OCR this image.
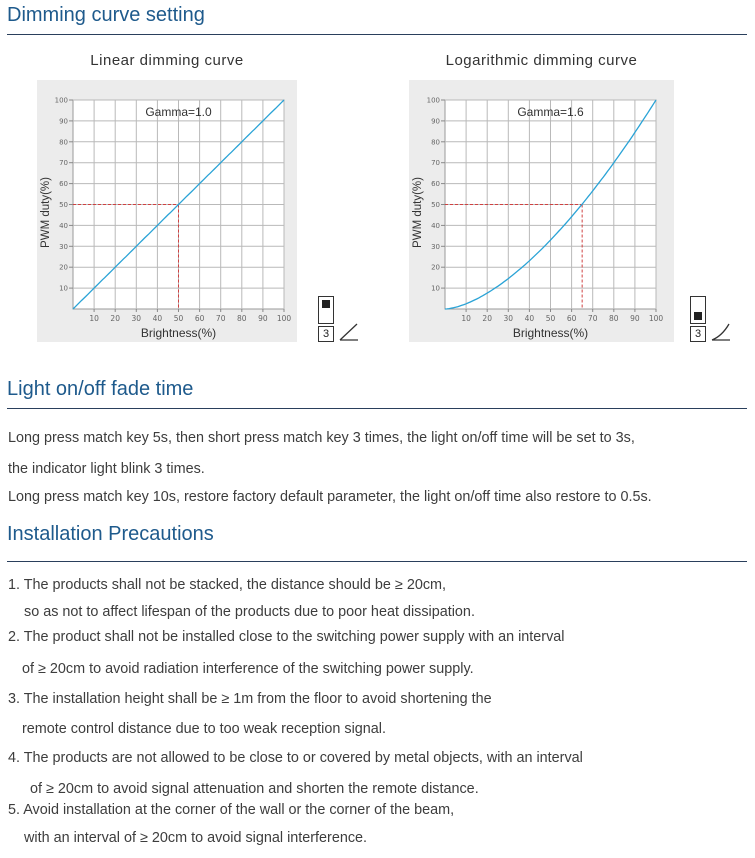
Dimming curve setting
Linear dimming curve
10 20 30 40 50 60 70 80 90 100
10
20
30
40
50
60
70
80
90
100
Brightness(%)
PWM duty(%)
Gamma=1.0
3
Logarithmic dimming curve
10 20 30 40 50 60 70 80 90 100
10
20
30
40
50
60
70
80
90
100
Brightness(%)
PWM duty(%)
Gamma=1.6
3
Light on/off fade time
Long press match key 5s, then short press match key 3 times, the light on/off time will be set to 3s,
the indicator light blink 3 times.
Long press match key 10s, restore factory default parameter, the light on/off time also restore to 0.5s.
Installation Precautions
1. The products shall not be stacked, the distance should be ≥ 20cm,
so as not to affect lifespan of the products due to poor heat dissipation.
2. The product shall not be installed close to the switching power supply with an interval
of ≥ 20cm to avoid radiation interference of the switching power supply.
3. The installation height shall be ≥ 1m from the floor to avoid shortening the
remote control distance due to too weak reception signal.
4. The products are not allowed to be close to or covered by metal objects, with an interval
of ≥ 20cm to avoid signal attenuation and shorten the remote distance.
5. Avoid installation at the corner of the wall or the corner of the beam,
with an interval of ≥ 20cm to avoid signal interference.
